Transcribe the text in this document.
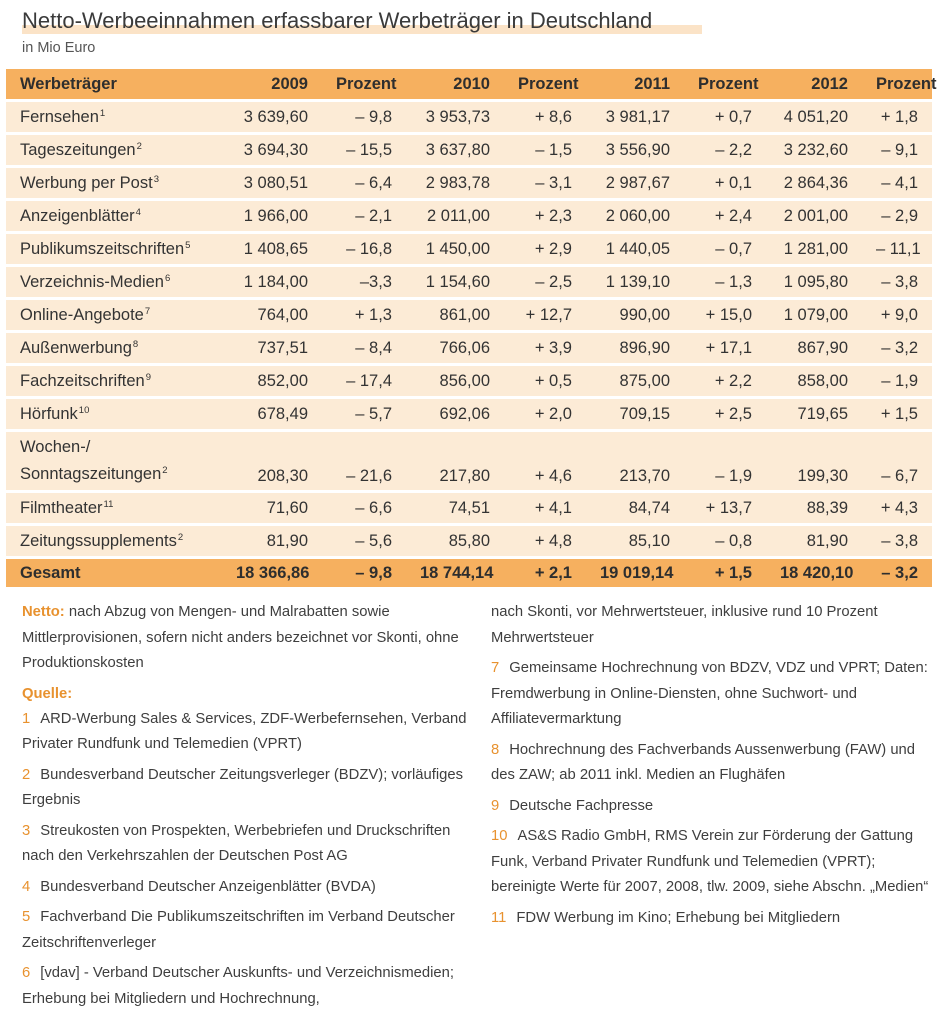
Netto-Werbeeinnahmen erfassbarer Werbeträger in Deutschland
in Mio Euro
Werbeträger	2009	Prozent	2010	Prozent	2011	Prozent	2012	Prozent
Fernsehen$^1$	3 639,60	– 9,8	3 953,73	+ 8,6	3 981,17	+ 0,7	4 051,20	+ 1,8
Tageszeitungen$^2$	3 694,30	– 15,5	3 637,80	– 1,5	3 556,90	– 2,2	3 232,60	– 9,1
Werbung per Post$^3$	3 080,51	– 6,4	2 983,78	– 3,1	2 987,67	+ 0,1	2 864,36	– 4,1
Anzeigenblätter$^4$	1 966,00	– 2,1	2 011,00	+ 2,3	2 060,00	+ 2,4	2 001,00	– 2,9
Publikumszeitschriften$^5$	1 408,65	– 16,8	1 450,00	+ 2,9	1 440,05	– 0,7	1 281,00	– 11,1
Verzeichnis-Medien$^6$	1 184,00	–3,3	1 154,60	– 2,5	1 139,10	– 1,3	1 095,80	– 3,8
Online-Angebote$^7$	764,00	+ 1,3	861,00	+ 12,7	990,00	+ 15,0	1 079,00	+ 9,0
Außenwerbung$^8$	737,51	– 8,4	766,06	+ 3,9	896,90	+ 17,1	867,90	– 3,2
Fachzeitschriften$^9$	852,00	– 17,4	856,00	+ 0,5	875,00	+ 2,2	858,00	– 1,9
Hörfunk$^{10}$	678,49	– 5,7	692,06	+ 2,0	709,15	+ 2,5	719,65	+ 1,5

Wochen-/
Sonntagszeitungen$^2$	208,30	– 21,6	217,80	+ 4,6	213,70	– 1,9	199,30	– 6,7
Filmtheater$^{11}$	71,60	– 6,6	74,51	+ 4,1	84,74	+ 13,7	88,39	+ 4,3
Zeitungssupplements$^2$	81,90	– 5,6	85,80	+ 4,8	85,10	– 0,8	81,90	– 3,8
Gesamt	18 366,86	– 9,8	18 744,14	+ 2,1	19 019,14	+ 1,5	18 420,10	– 3,2

Netto: nach Abzug von Mengen- und Malrabatten sowie Mittlerprovisionen, sofern nicht anders bezeichnet vor Skonti, ohne Produktionskosten

Quelle:

1 ARD-Werbung Sales & Services, ZDF-Werbefernsehen, Verband Privater Rundfunk und Telemedien (VPRT)

2 Bundesverband Deutscher Zeitungsverleger (BDZV); vorläufiges Ergebnis

3 Streukosten von Prospekten, Werbebriefen und Druckschriften nach den Verkehrszahlen der Deutschen Post AG

4 Bundesverband Deutscher Anzeigenblätter (BVDA)

5 Fachverband Die Publikumszeitschriften im Verband Deutscher Zeitschriftenverleger

6 [vdav] - Verband Deutscher Auskunfts- und Verzeichnismedien; Erhebung bei Mitgliedern und Hochrechnung,

nach Skonti, vor Mehrwertsteuer, inklusive rund 10 Prozent Mehrwertsteuer

7 Gemeinsame Hochrechnung von BDZV, VDZ und VPRT; Daten: Fremdwerbung in Online-Diensten, ohne Suchwort- und Affiliatevermarktung

8 Hochrechnung des Fachverbands Aussenwerbung (FAW) und des ZAW; ab 2011 inkl. Medien an Flughäfen

9 Deutsche Fachpresse

10 AS&S Radio GmbH, RMS Verein zur Förderung der Gattung Funk, Verband Privater Rundfunk und Telemedien (VPRT); bereinigte Werte für 2007, 2008, tlw. 2009, siehe Abschn. „Medien“

11 FDW Werbung im Kino; Erhebung bei Mitgliedern
